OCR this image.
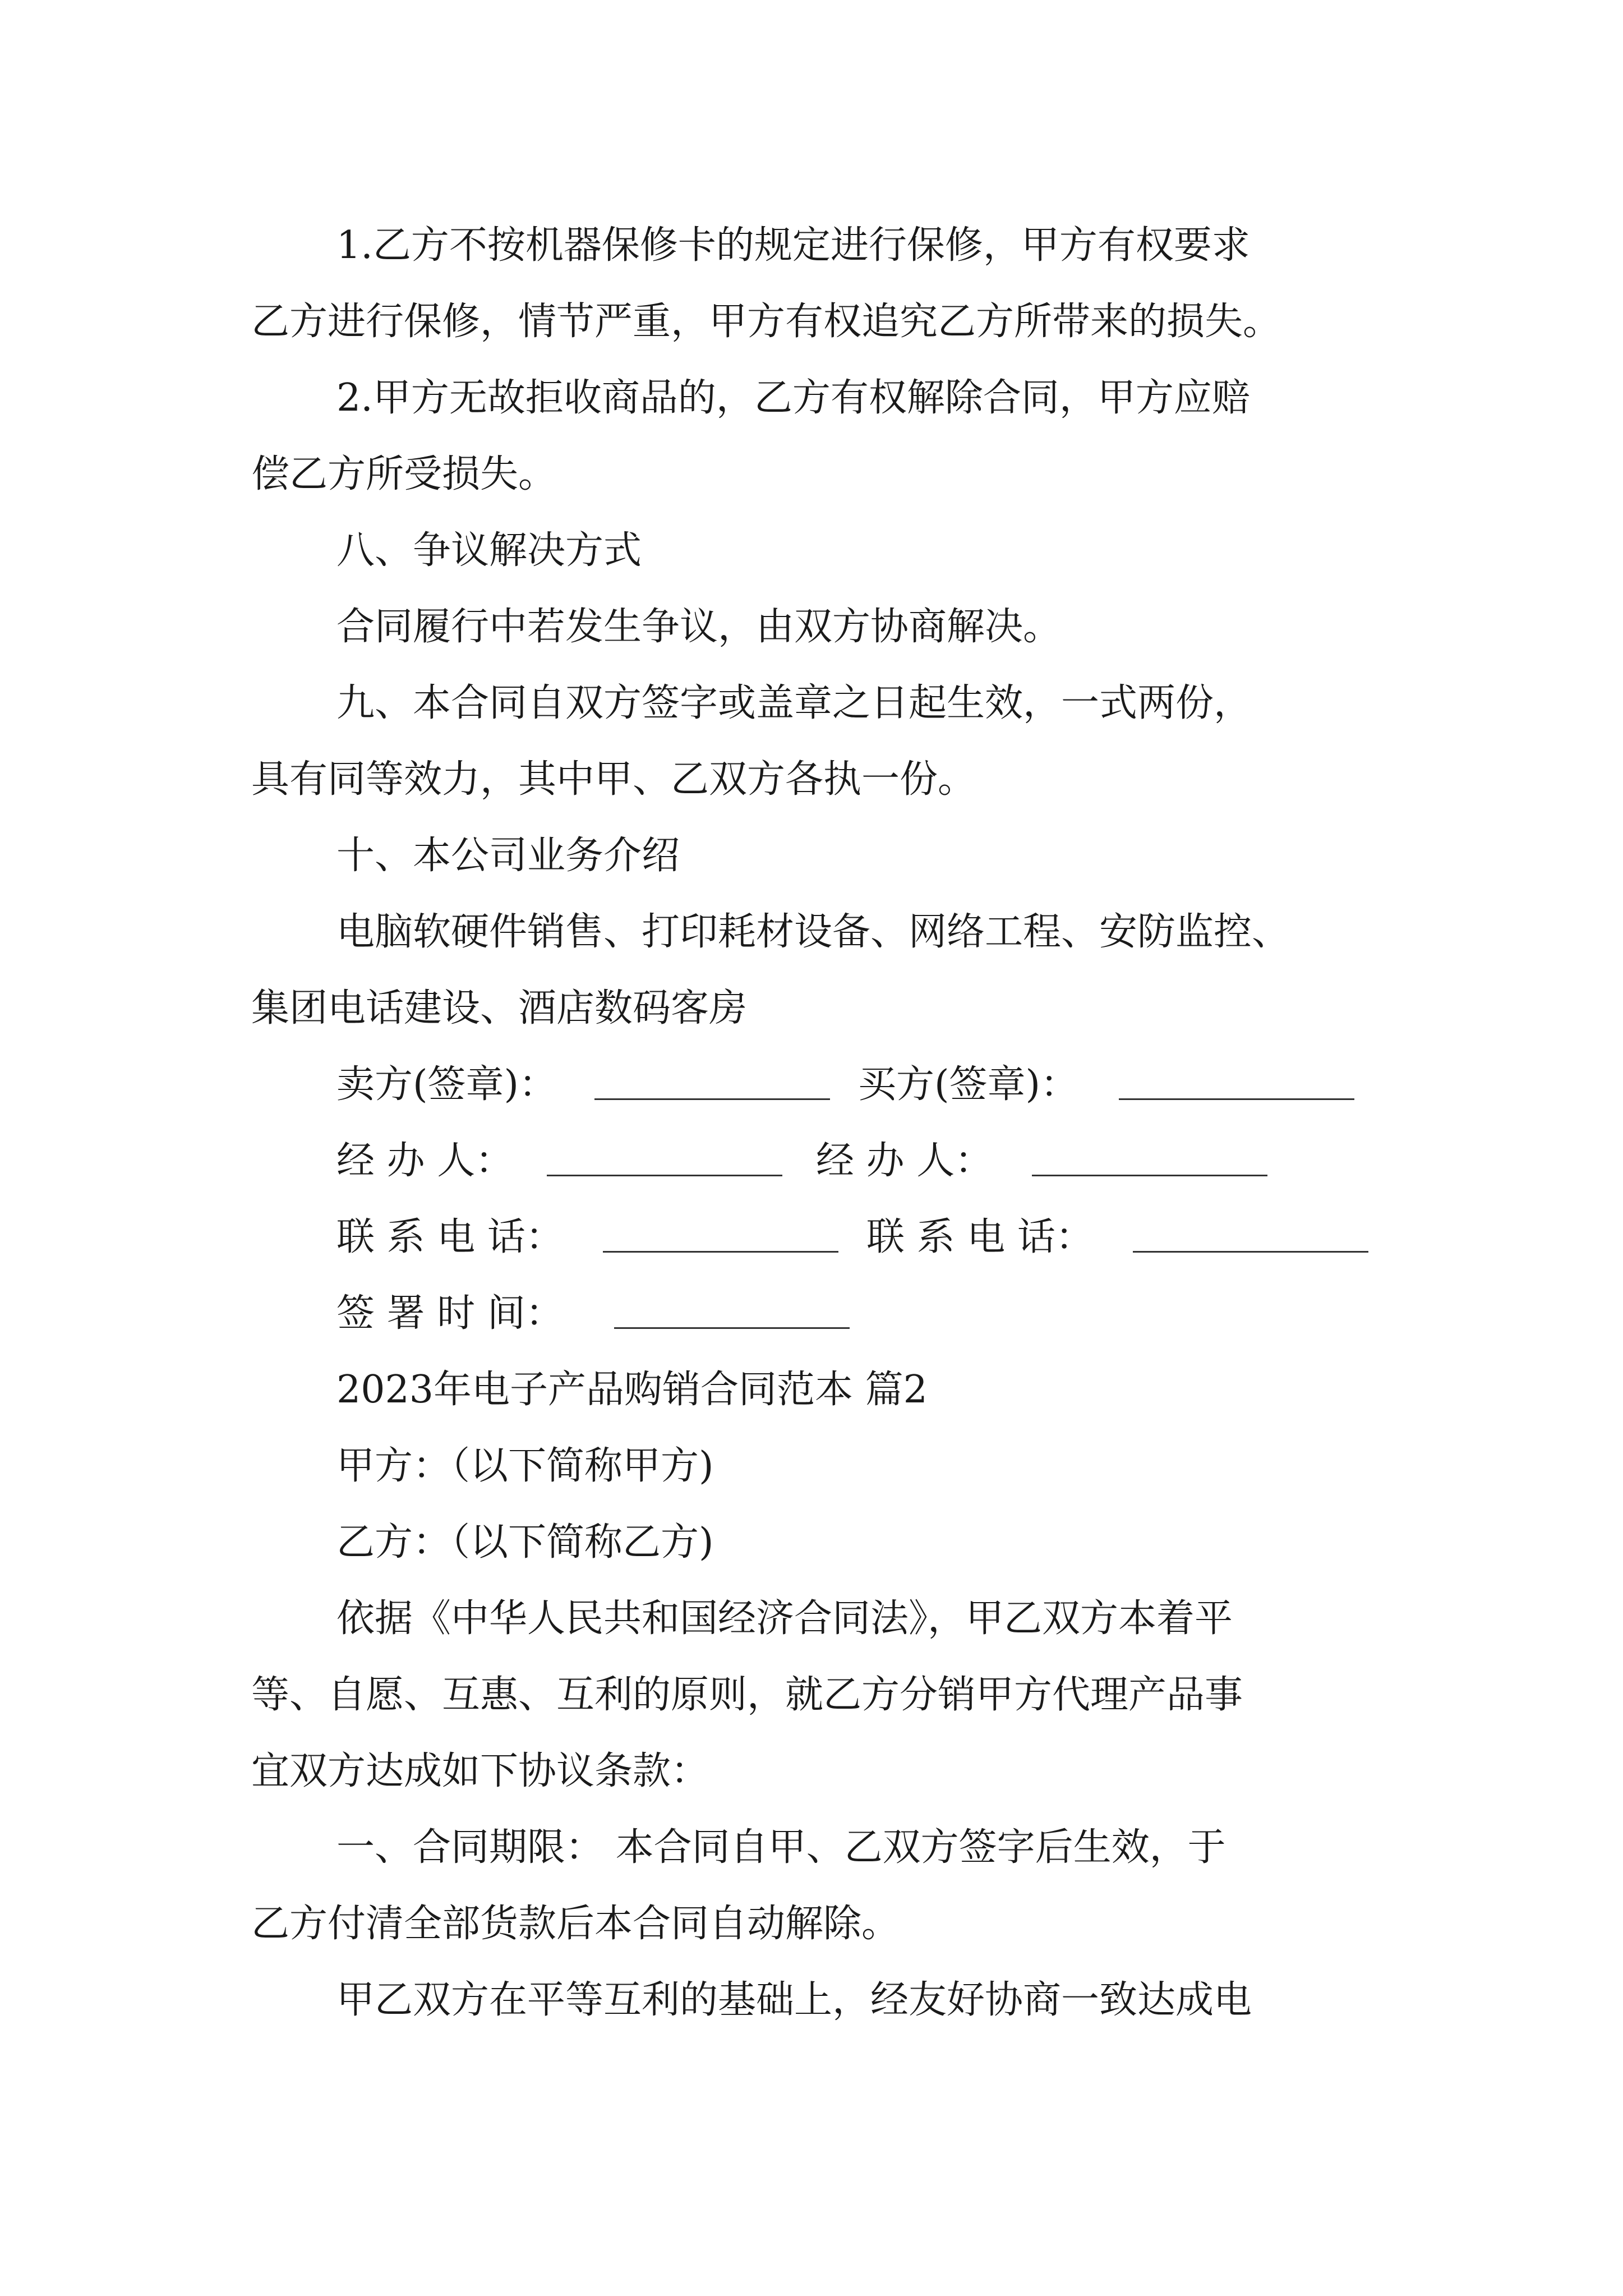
1.乙方不按机器保修卡的规定进行保修，甲方有权要求
乙方进行保修，情节严重，甲方有权追究乙方所带来的损失。
2.甲方无故拒收商品的，乙方有权解除合同，甲方应赔
偿乙方所受损失。
八、争议解决方式
合同履行中若发生争议，由双方协商解决。
九、本合同自双方签字或盖章之日起生效，一式两份，
具有同等效力，其中甲、乙双方各执一份。
十、本公司业务介绍
电脑软硬件销售、打印耗材设备、网络工程、安防监控、
集团电话建设、酒店数码客房

卖方(签章)：

	买方(签章)：

经 办 人：

	经 办 人：

联 系 电 话：

	联 系 电 话：

签 署 时 间：

2023年电子产品购销合同范本 篇2
甲方：（以下简称甲方)
乙方：（以下简称乙方)
依据《中华人民共和国经济合同法》，甲乙双方本着平
等、自愿、互惠、互利的原则，就乙方分销甲方代理产品事
宜双方达成如下协议条款：
一、合同期限： 本合同自甲、乙双方签字后生效，于
乙方付清全部货款后本合同自动解除。
甲乙双方在平等互利的基础上，经友好协商一致达成电
